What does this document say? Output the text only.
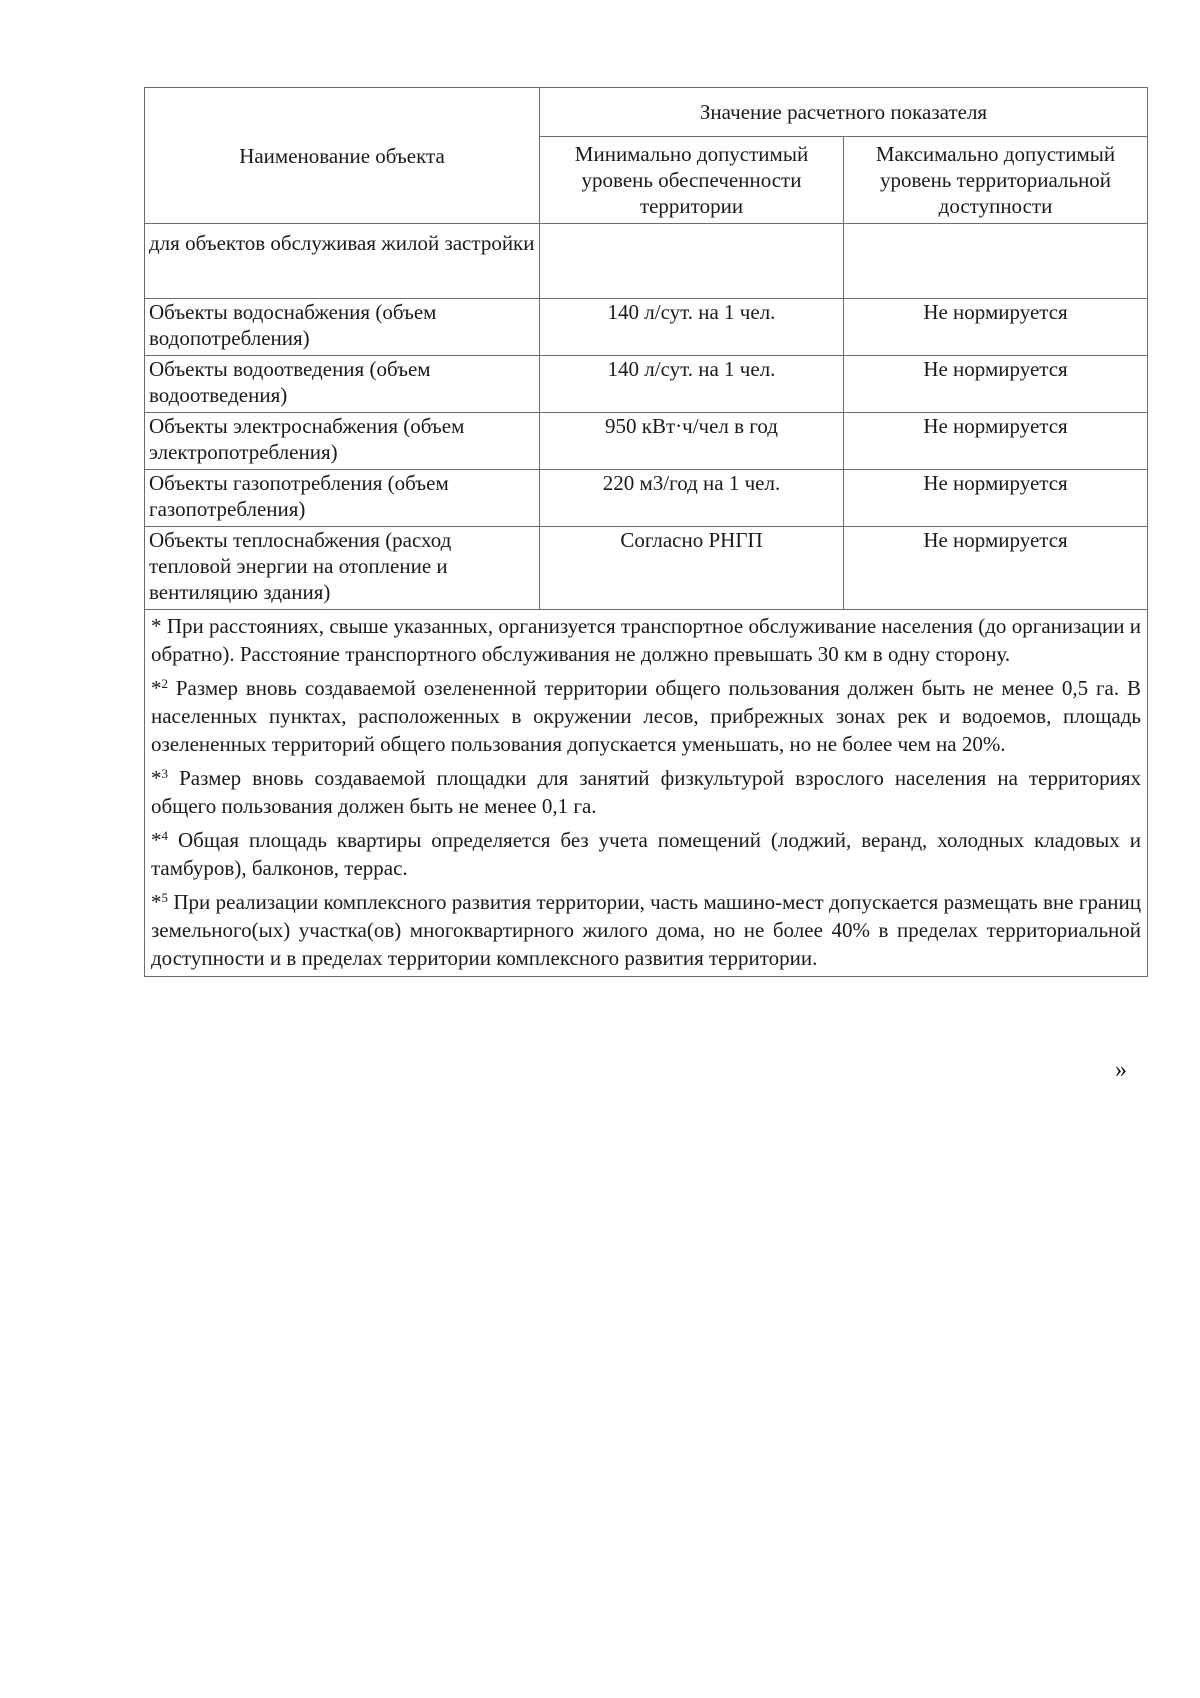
Наименование объекта	Значение расчетного показателя	
	Минимально допустимый уровень обеспеченности территории	Максимально допустимый уровень территориальной доступности
для объектов обслуживая жилой застройки		
Объекты водоснабжения (объем водопотребления)	140 л/сут. на 1 чел.	Не нормируется
Объекты водоотведения (объем водоотведения)	140 л/сут. на 1 чел.	Не нормируется
Объекты электроснабжения (объем электропотребления)	950 кВт·ч/чел в год	Не нормируется
Объекты газопотребления (объем газопотребления)	220 м3/год на 1 чел.	Не нормируется
Объекты теплоснабжения (расход тепловой энергии на отопление и вентиляцию здания)	Согласно РНГП	Не нормируется

* При расстояниях, свыше указанных, организуется транспортное обслуживание населения (до организации и обратно). Расстояние транспортного обслуживания не должно превышать 30 км в одну сторону.

*$^2$ Размер вновь создаваемой озелененной территории общего пользования должен быть не менее 0,5 га. В населенных пунктах, расположенных в окружении лесов, прибрежных зонах рек и водоемов, площадь озелененных территорий общего пользования допускается уменьшать, но не более чем на 20%.

*$^3$ Размер вновь создаваемой площадки для занятий физкультурой взрослого населения на территориях общего пользования должен быть не менее 0,1 га.

*$^4$ Общая площадь квартиры определяется без учета помещений (лоджий, веранд, холодных кладовых и тамбуров), балконов, террас.

*$^5$ При реализации комплексного развития территории, часть машино-мест допускается размещать вне границ земельного(ых) участка(ов) многоквартирного жилого дома, но не более 40% в пределах территориальной доступности и в пределах территории комплексного развития территории.		

»
